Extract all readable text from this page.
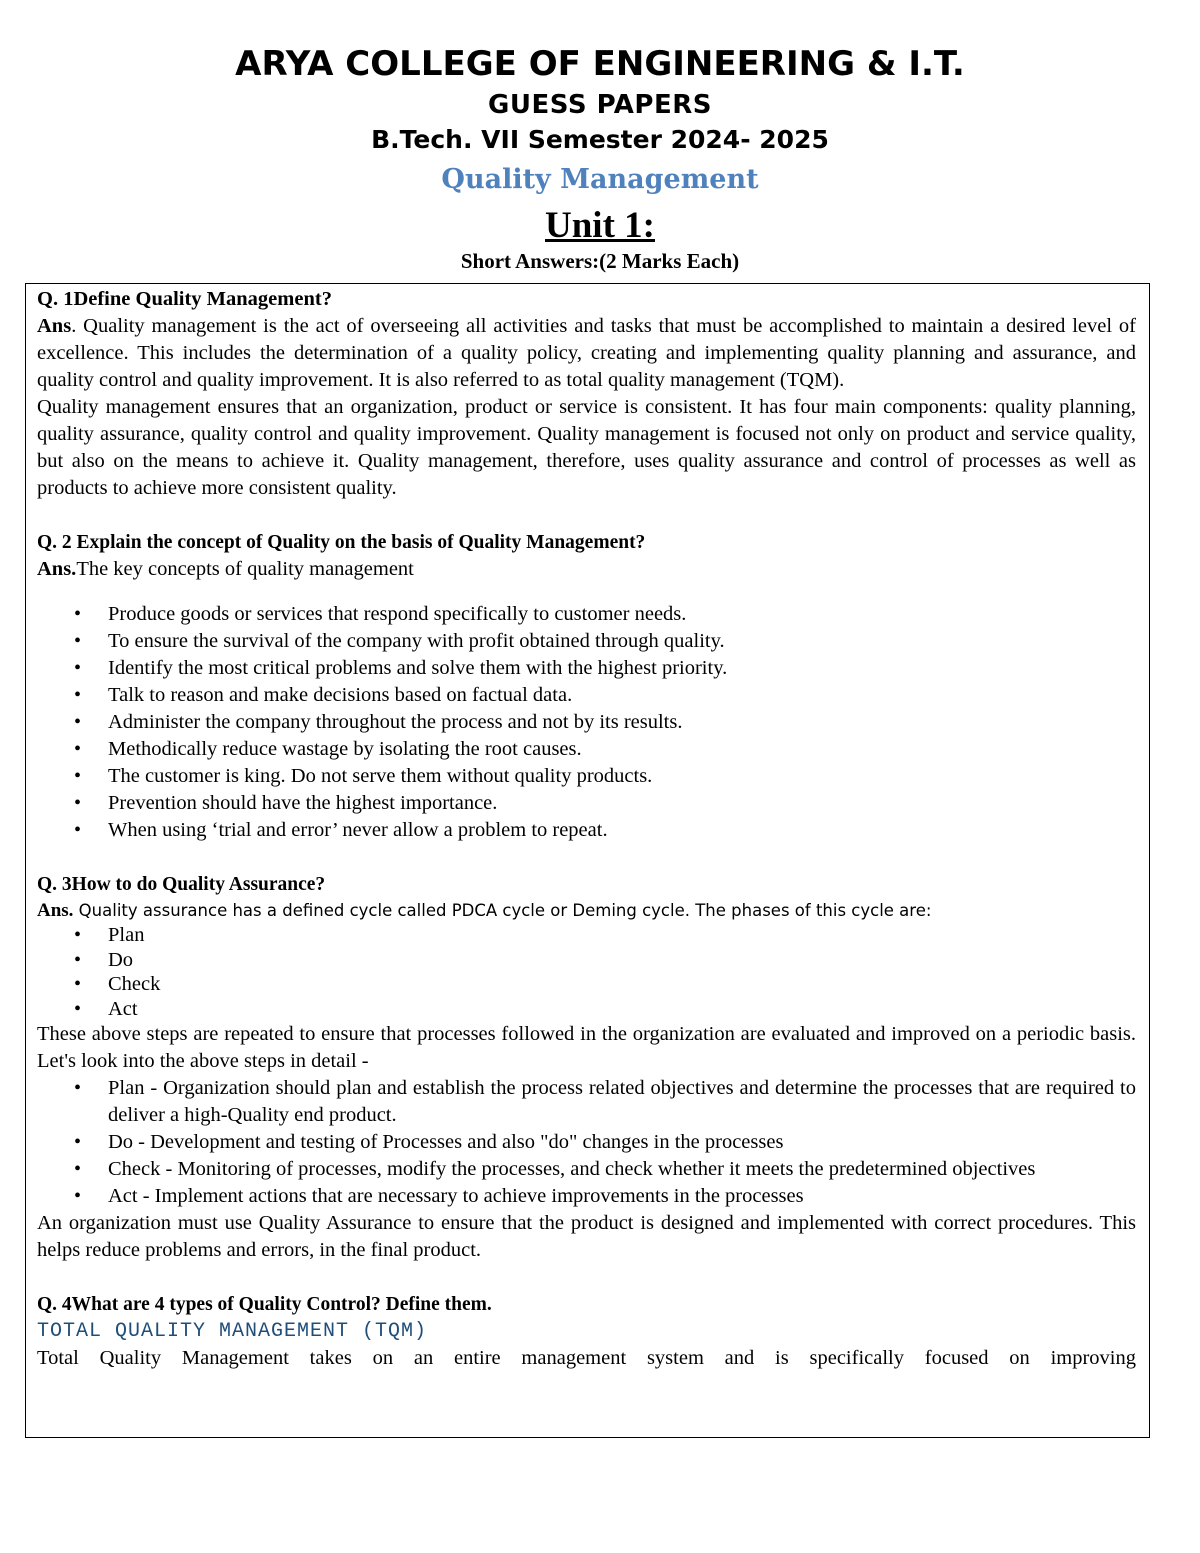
ARYA COLLEGE OF ENGINEERING & I.T.
GUESS PAPERS
B.Tech. VII Semester 2024- 2025
Quality Management
Unit 1:
Short Answers:(2 Marks Each)
Q. 1Define Quality Management?

Ans. Quality management is the act of overseeing all activities and tasks that must be accomplished to maintain a desired level of excellence. This includes the determination of a quality policy, creating and implementing quality planning and assurance, and quality control and quality improvement. It is also referred to as total quality management (TQM).

Quality management ensures that an organization, product or service is consistent. It has four main components: quality planning, quality assurance, quality control and quality improvement. Quality management is focused not only on product and service quality, but also on the means to achieve it. Quality management, therefore, uses quality assurance and control of processes as well as products to achieve more consistent quality.

Q. 2 Explain the concept of Quality on the basis of Quality Management?

Ans.The key concepts of quality management

• Produce goods or services that respond specifically to customer needs.
• To ensure the survival of the company with profit obtained through quality.
• Identify the most critical problems and solve them with the highest priority.
• Talk to reason and make decisions based on factual data.
• Administer the company throughout the process and not by its results.
• Methodically reduce wastage by isolating the root causes.
• The customer is king. Do not serve them without quality products.
• Prevention should have the highest importance.
• When using ‘trial and error’ never allow a problem to repeat.
Q. 3How to do Quality Assurance?

Ans. Quality assurance has a defined cycle called PDCA cycle or Deming cycle. The phases of this cycle are:

• Plan
• Do
• Check
• Act

These above steps are repeated to ensure that processes followed in the organization are evaluated and improved on a periodic basis. Let's look into the above steps in detail -

• Plan - Organization should plan and establish the process related objectives and determine the processes that are required to deliver a high-Quality end product.
• Do - Development and testing of Processes and also "do" changes in the processes
• Check - Monitoring of processes, modify the processes, and check whether it meets the predetermined objectives
• Act - Implement actions that are necessary to achieve improvements in the processes

An organization must use Quality Assurance to ensure that the product is designed and implemented with correct procedures. This helps reduce problems and errors, in the final product.

Q. 4What are 4 types of Quality Control? Define them.
TOTAL QUALITY MANAGEMENT (TQM)

Total Quality Management takes on an entire management system and is specifically focused on improving
